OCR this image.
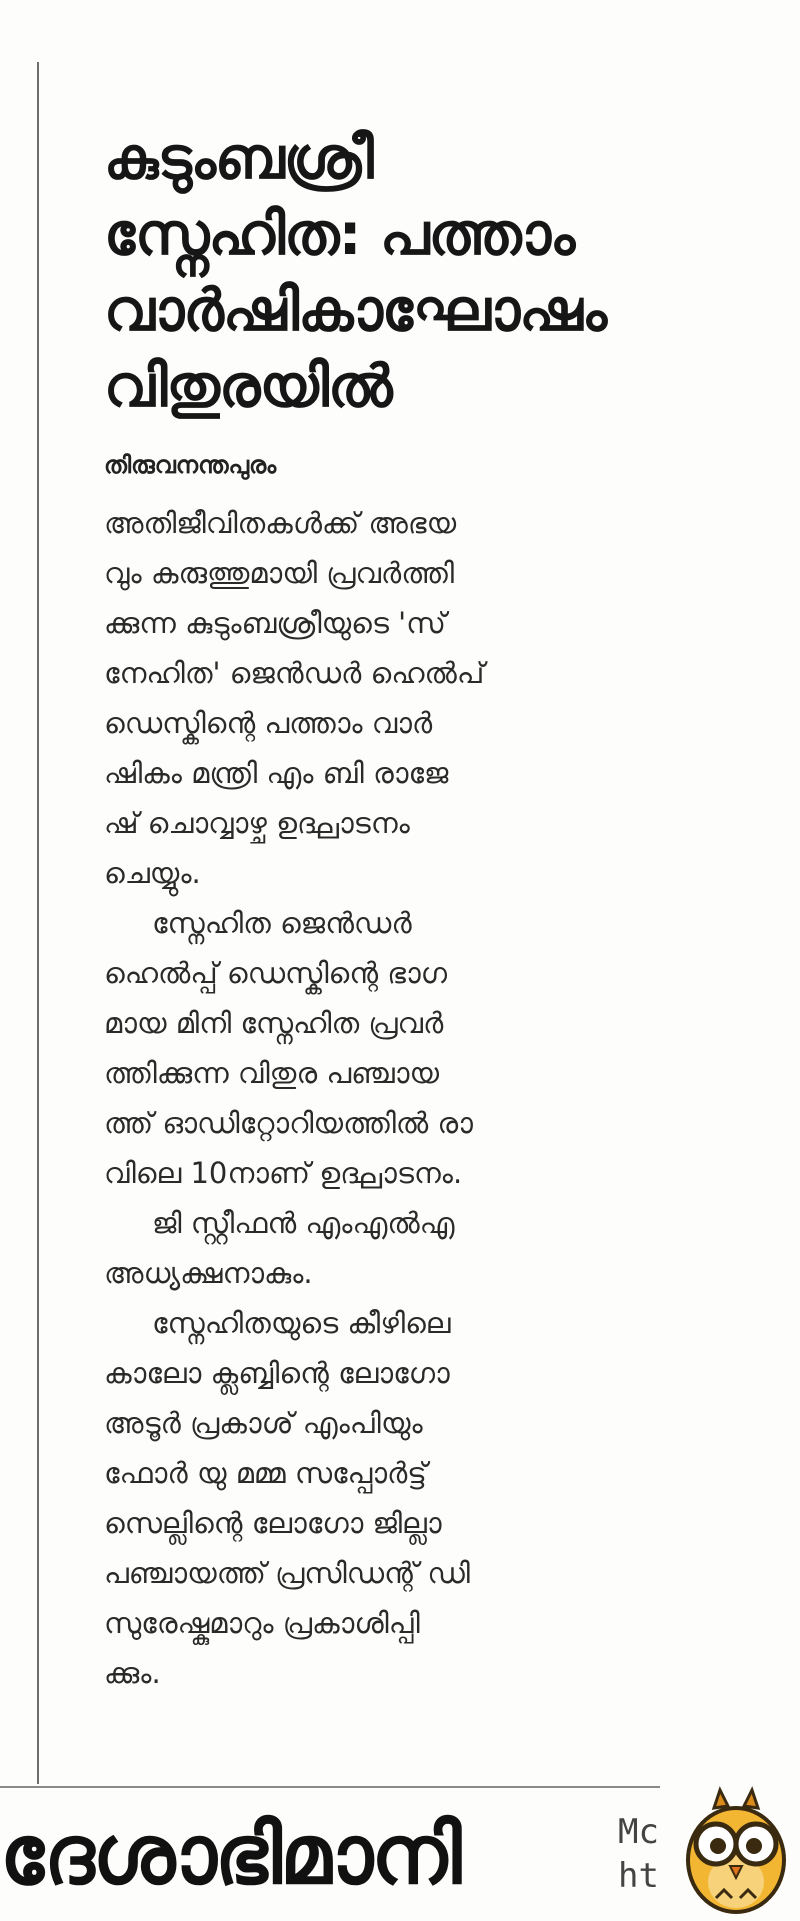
കുടുംബശ്രീ
സ്നേഹിത: പത്താം
വാർഷികാഘോഷം
വിതുരയിൽ
തിരുവനന്തപുരം
അതിജീവിതകൾക്ക് അഭയ
വും കരുത്തുമായി പ്രവർത്തി
ക്കുന്ന കുടുംബശ്രീയുടെ 'സ്
നേഹിത' ജെൻഡർ ഹെൽപ്
ഡെസ്കിന്റെ പത്താം വാർ
ഷികം മന്ത്രി എം ബി രാജേ
ഷ് ചൊവ്വാഴ്ച ഉദ്ഘാടനം
ചെയ്യും.
സ്നേഹിത ജെൻഡർ
ഹെൽപ്പ് ഡെസ്കിന്റെ ഭാഗ
മായ മിനി സ്നേഹിത പ്രവർ
ത്തിക്കുന്ന വിതുര പഞ്ചായ
ത്ത് ഓഡിറ്റോറിയത്തിൽ രാ
വിലെ 10നാണ് ഉദ്ഘാടനം.
ജി സ്റ്റീഫൻ എംഎൽഎ
അധ്യക്ഷനാകും.
സ്നേഹിതയുടെ കീഴിലെ
കാലോ ക്ലബ്ബിന്റെ ലോഗോ
അടൂർ പ്രകാശ് എംപിയും
ഫോർ യു മമ്മ സപ്പോർട്ട്
സെല്ലിന്റെ ലോഗോ ജില്ലാ
പഞ്ചായത്ത് പ്രസിഡന്റ് ഡി
സുരേഷ്കുമാറും പ്രകാശിപ്പി
ക്കും.
ദേശാഭിമാനി	Mc
ht
